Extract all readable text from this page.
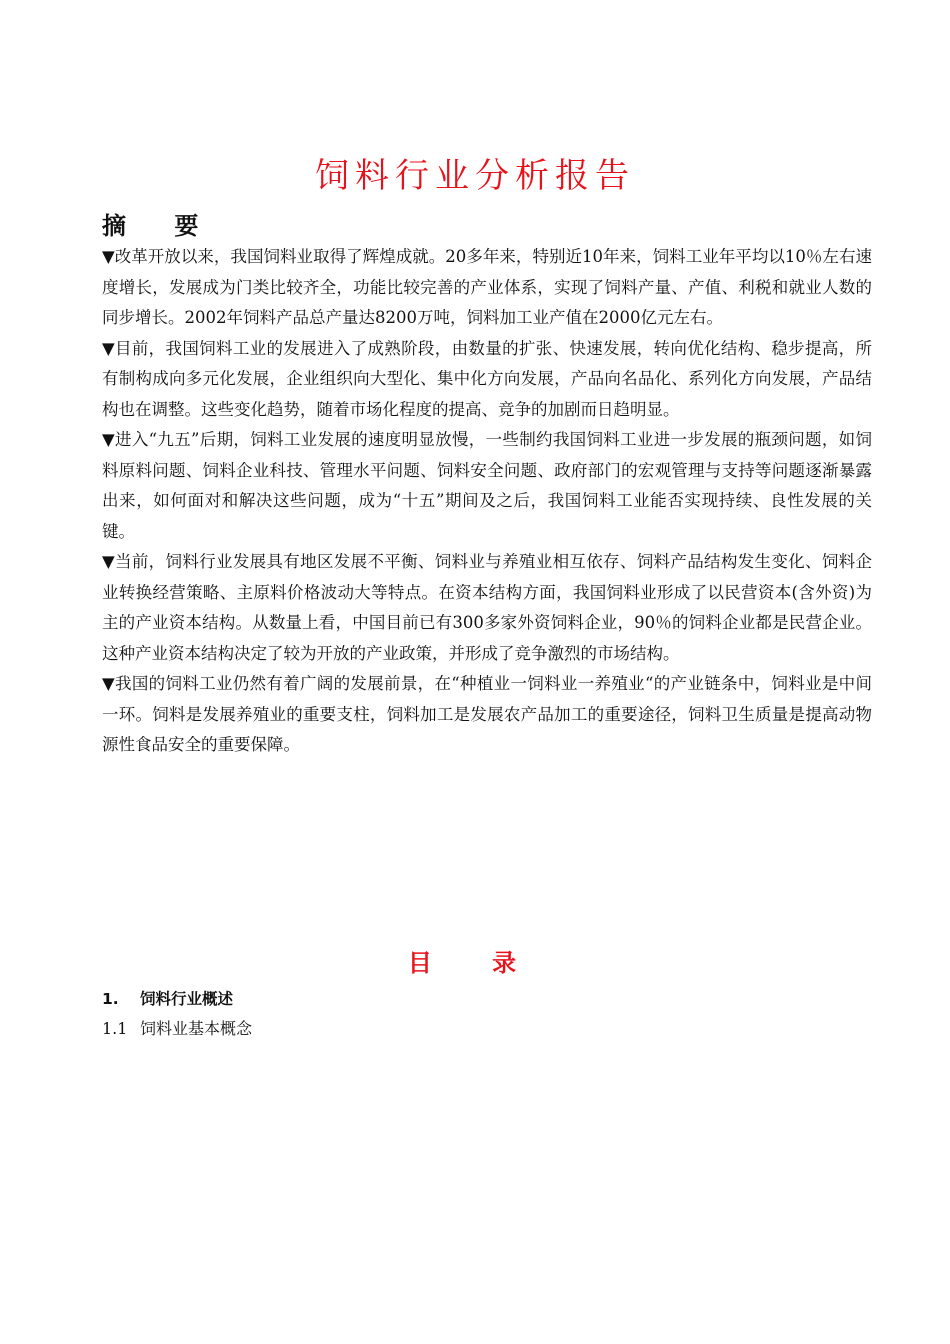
饲料行业分析报告
摘 要

▼改革开放以来，我国饲料业取得了辉煌成就。20多年来，特别近10年来，饲料工业年平均以10％左右速度增长，发展成为门类比较齐全，功能比较完善的产业体系，实现了饲料产量、产值、利税和就业人数的同步增长。2002年饲料产品总产量达8200万吨，饲料加工业产值在2000亿元左右。

▼目前，我国饲料工业的发展进入了成熟阶段，由数量的扩张、快速发展，转向优化结构、稳步提高，所有制构成向多元化发展，企业组织向大型化、集中化方向发展，产品向名品化、系列化方向发展，产品结构也在调整。这些变化趋势，随着市场化程度的提高、竞争的加剧而日趋明显。

▼进入“九五”后期，饲料工业发展的速度明显放慢，一些制约我国饲料工业进一步发展的瓶颈问题，如饲料原料问题、饲料企业科技、管理水平问题、饲料安全问题、政府部门的宏观管理与支持等问题逐渐暴露出来，如何面对和解决这些问题，成为“十五”期间及之后，我国饲料工业能否实现持续、良性发展的关键。

▼当前，饲料行业发展具有地区发展不平衡、饲料业与养殖业相互依存、饲料产品结构发生变化、饲料企业转换经营策略、主原料价格波动大等特点。在资本结构方面，我国饲料业形成了以民营资本(含外资)为主的产业资本结构。从数量上看，中国目前已有300多家外资饲料企业，90％的饲料企业都是民营企业。这种产业资本结构决定了较为开放的产业政策，并形成了竞争激烈的市场结构。

▼我国的饲料工业仍然有着广阔的发展前景，在“种植业一饲料业一养殖业“的产业链条中，饲料业是中间一环。饲料是发展养殖业的重要支柱，饲料加工是发展农产品加工的重要途径，饲料卫生质量是提高动物源性食品安全的重要保障。

目 录
1. 饲料行业概述
1.1 饲料业基本概念
